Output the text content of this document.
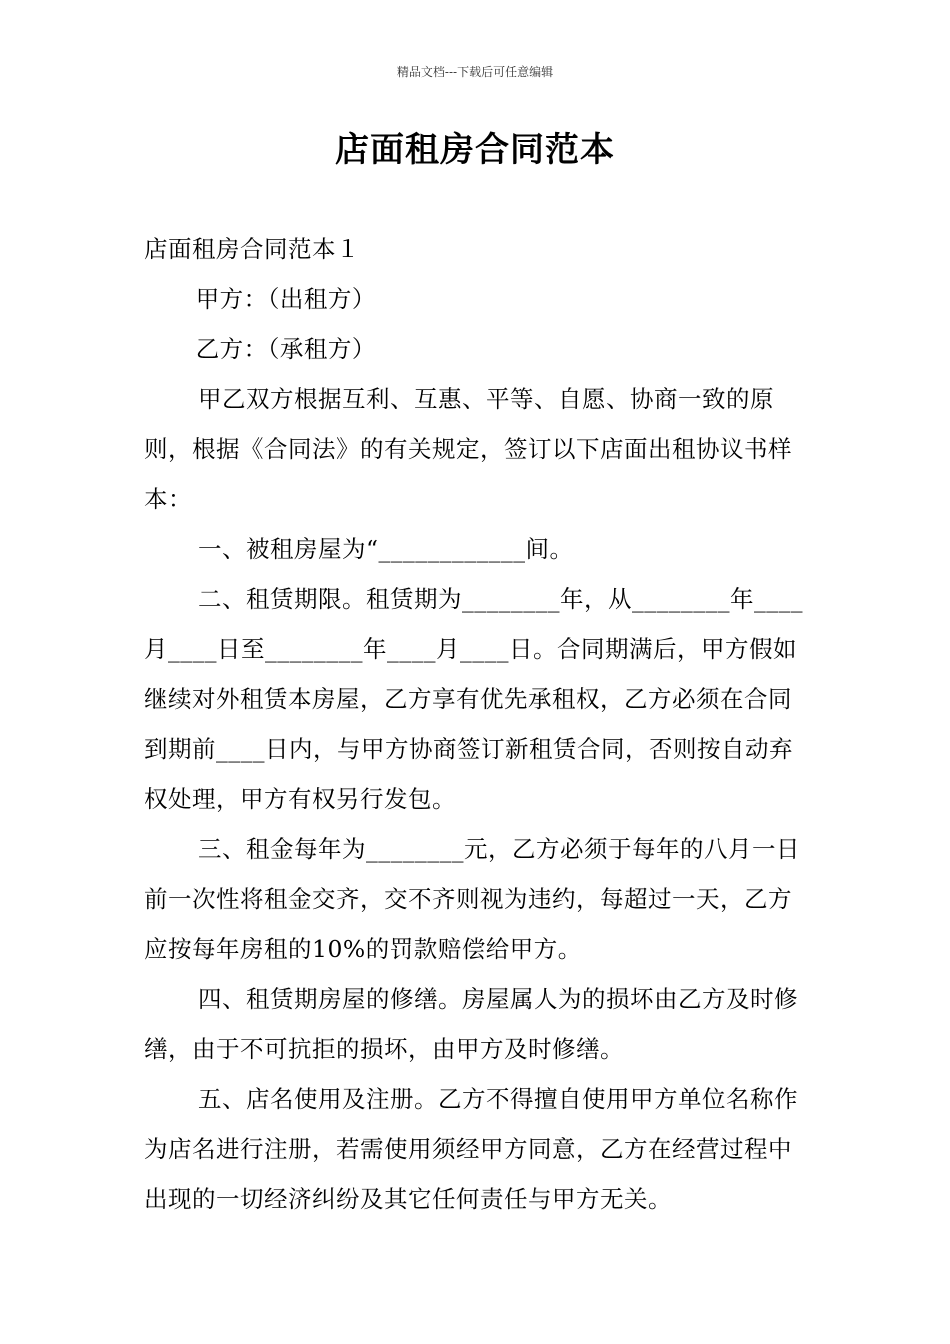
精品文档---下载后可任意编辑
店面租房合同范本

店面租房合同范本１

甲方：（出租方）

乙方：（承租方）

甲乙双方根据互利、互惠、平等、自愿、协商一致的原则，根据《合同法》的有关规定，签订以下店面出租协议书样本：

一、被租房屋为“____________间。

二、租赁期限。租赁期为________年，从________年____月____日至________年____月____日。合同期满后，甲方假如继续对外租赁本房屋，乙方享有优先承租权，乙方必须在合同到期前____日内，与甲方协商签订新租赁合同，否则按自动弃权处理，甲方有权另行发包。

三、租金每年为________元，乙方必须于每年的八月一日前一次性将租金交齐，交不齐则视为违约，每超过一天，乙方应按每年房租的10%的罚款赔偿给甲方。

四、租赁期房屋的修缮。房屋属人为的损坏由乙方及时修缮，由于不可抗拒的损坏，由甲方及时修缮。

五、店名使用及注册。乙方不得擅自使用甲方单位名称作为店名进行注册，若需使用须经甲方同意，乙方在经营过程中出现的一切经济纠纷及其它任何责任与甲方无关。
